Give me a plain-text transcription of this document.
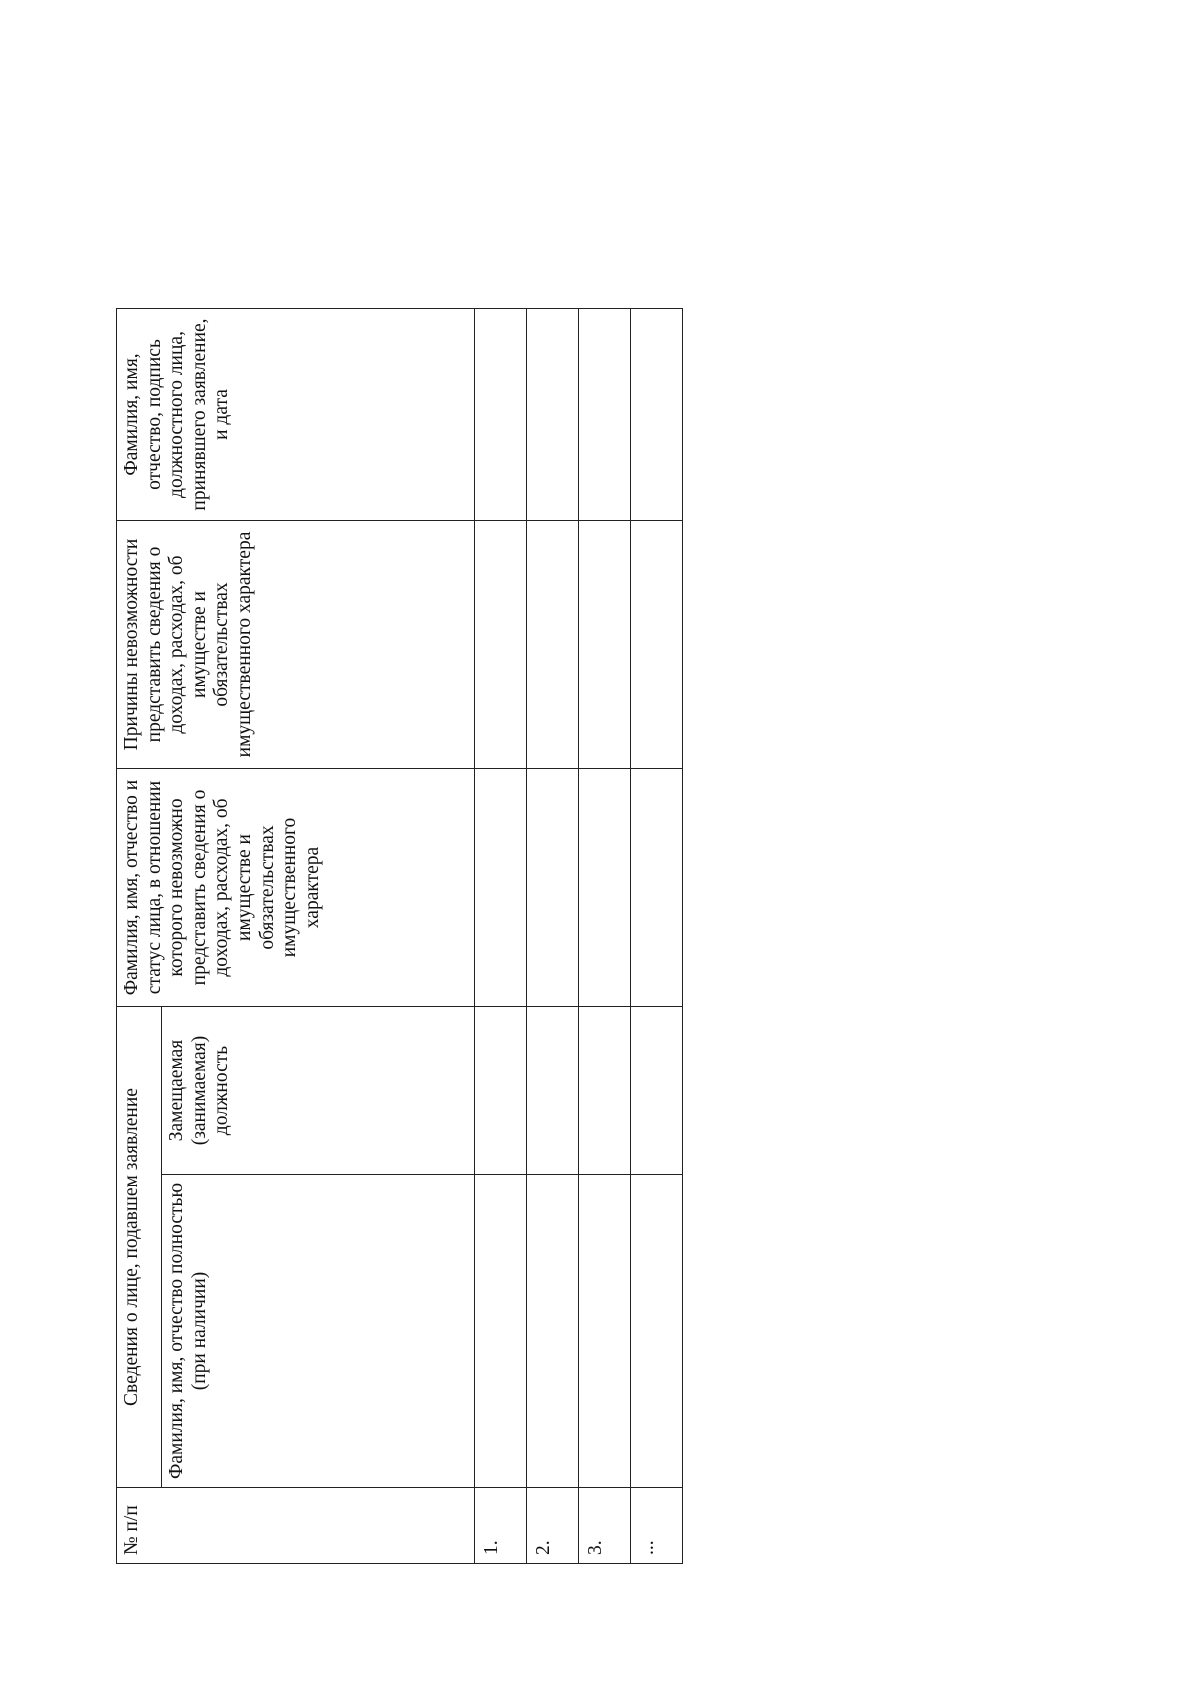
№ п/п	Сведения о лице, подавшем заявление		Фамилия, имя, отчество и статус лица, в отношении которого невозможно представить сведения о доходах, расходах, об имуществе и обязательствах имущественного характера	Причины невозможности представить сведения о доходах, расходах, об имуществе и обязательствах имущественного характера	Фамилия, имя, отчество, подпись должностного лица, принявшего заявление, и дата
	Фамилия, имя, отчество полностью (при наличии)	Замещаемая (занимаемая) должность			
1.					
2.					
3.					
...					
